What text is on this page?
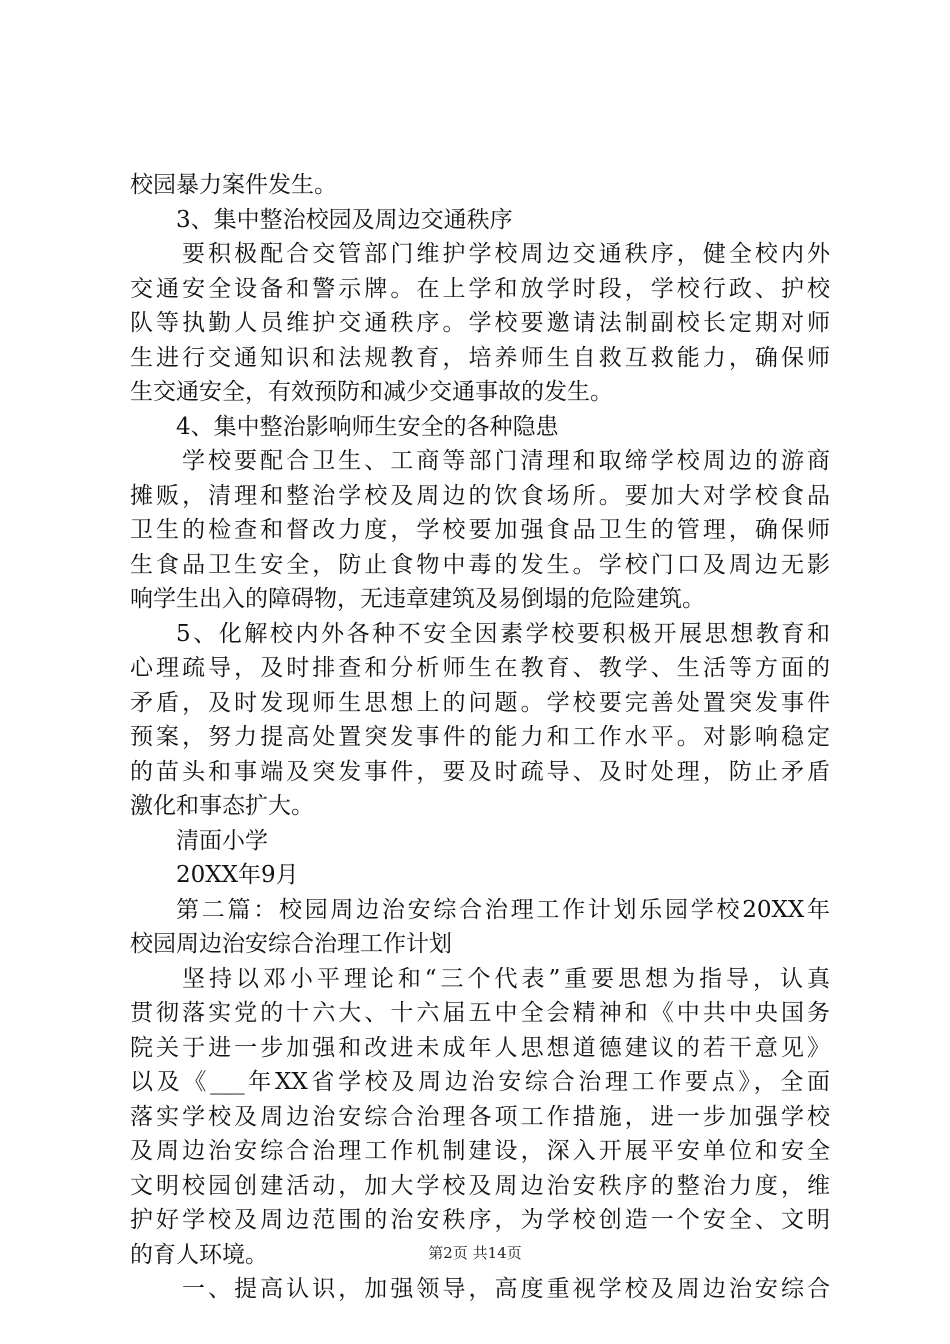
校园暴力案件发生。
3、集中整治校园及周边交通秩序
要积极配合交管部门维护学校周边交通秩序，健全校内外
交通安全设备和警示牌。在上学和放学时段，学校行政、护校
队等执勤人员维护交通秩序。学校要邀请法制副校长定期对师
生进行交通知识和法规教育，培养师生自救互救能力，确保师
生交通安全，有效预防和减少交通事故的发生。
4、集中整治影响师生安全的各种隐患
学校要配合卫生、工商等部门清理和取缔学校周边的游商
摊贩，清理和整治学校及周边的饮食场所。要加大对学校食品
卫生的检查和督改力度，学校要加强食品卫生的管理，确保师
生食品卫生安全，防止食物中毒的发生。学校门口及周边无影
响学生出入的障碍物，无违章建筑及易倒塌的危险建筑。
5、化解校内外各种不安全因素学校要积极开展思想教育和
心理疏导，及时排查和分析师生在教育、教学、生活等方面的
矛盾，及时发现师生思想上的问题。学校要完善处置突发事件
预案，努力提高处置突发事件的能力和工作水平。对影响稳定
的苗头和事端及突发事件，要及时疏导、及时处理，防止矛盾
激化和事态扩大。
清面小学
20XX年9月
第二篇：校园周边治安综合治理工作计划乐园学校20XX年
校园周边治安综合治理工作计划
坚持以邓小平理论和“三个代表”重要思想为指导，认真
贯彻落实党的十六大、十六届五中全会精神和《中共中央国务
院关于进一步加强和改进未成年人思想道德建议的若干意见》
以及《___年XX省学校及周边治安综合治理工作要点》，全面
落实学校及周边治安综合治理各项工作措施，进一步加强学校
及周边治安综合治理工作机制建设，深入开展平安单位和安全
文明校园创建活动，加大学校及周边治安秩序的整治力度，维
护好学校及周边范围的治安秩序，为学校创造一个安全、文明
的育人环境。
一、提高认识，加强领导，高度重视学校及周边治安综合
第2页 共14页
